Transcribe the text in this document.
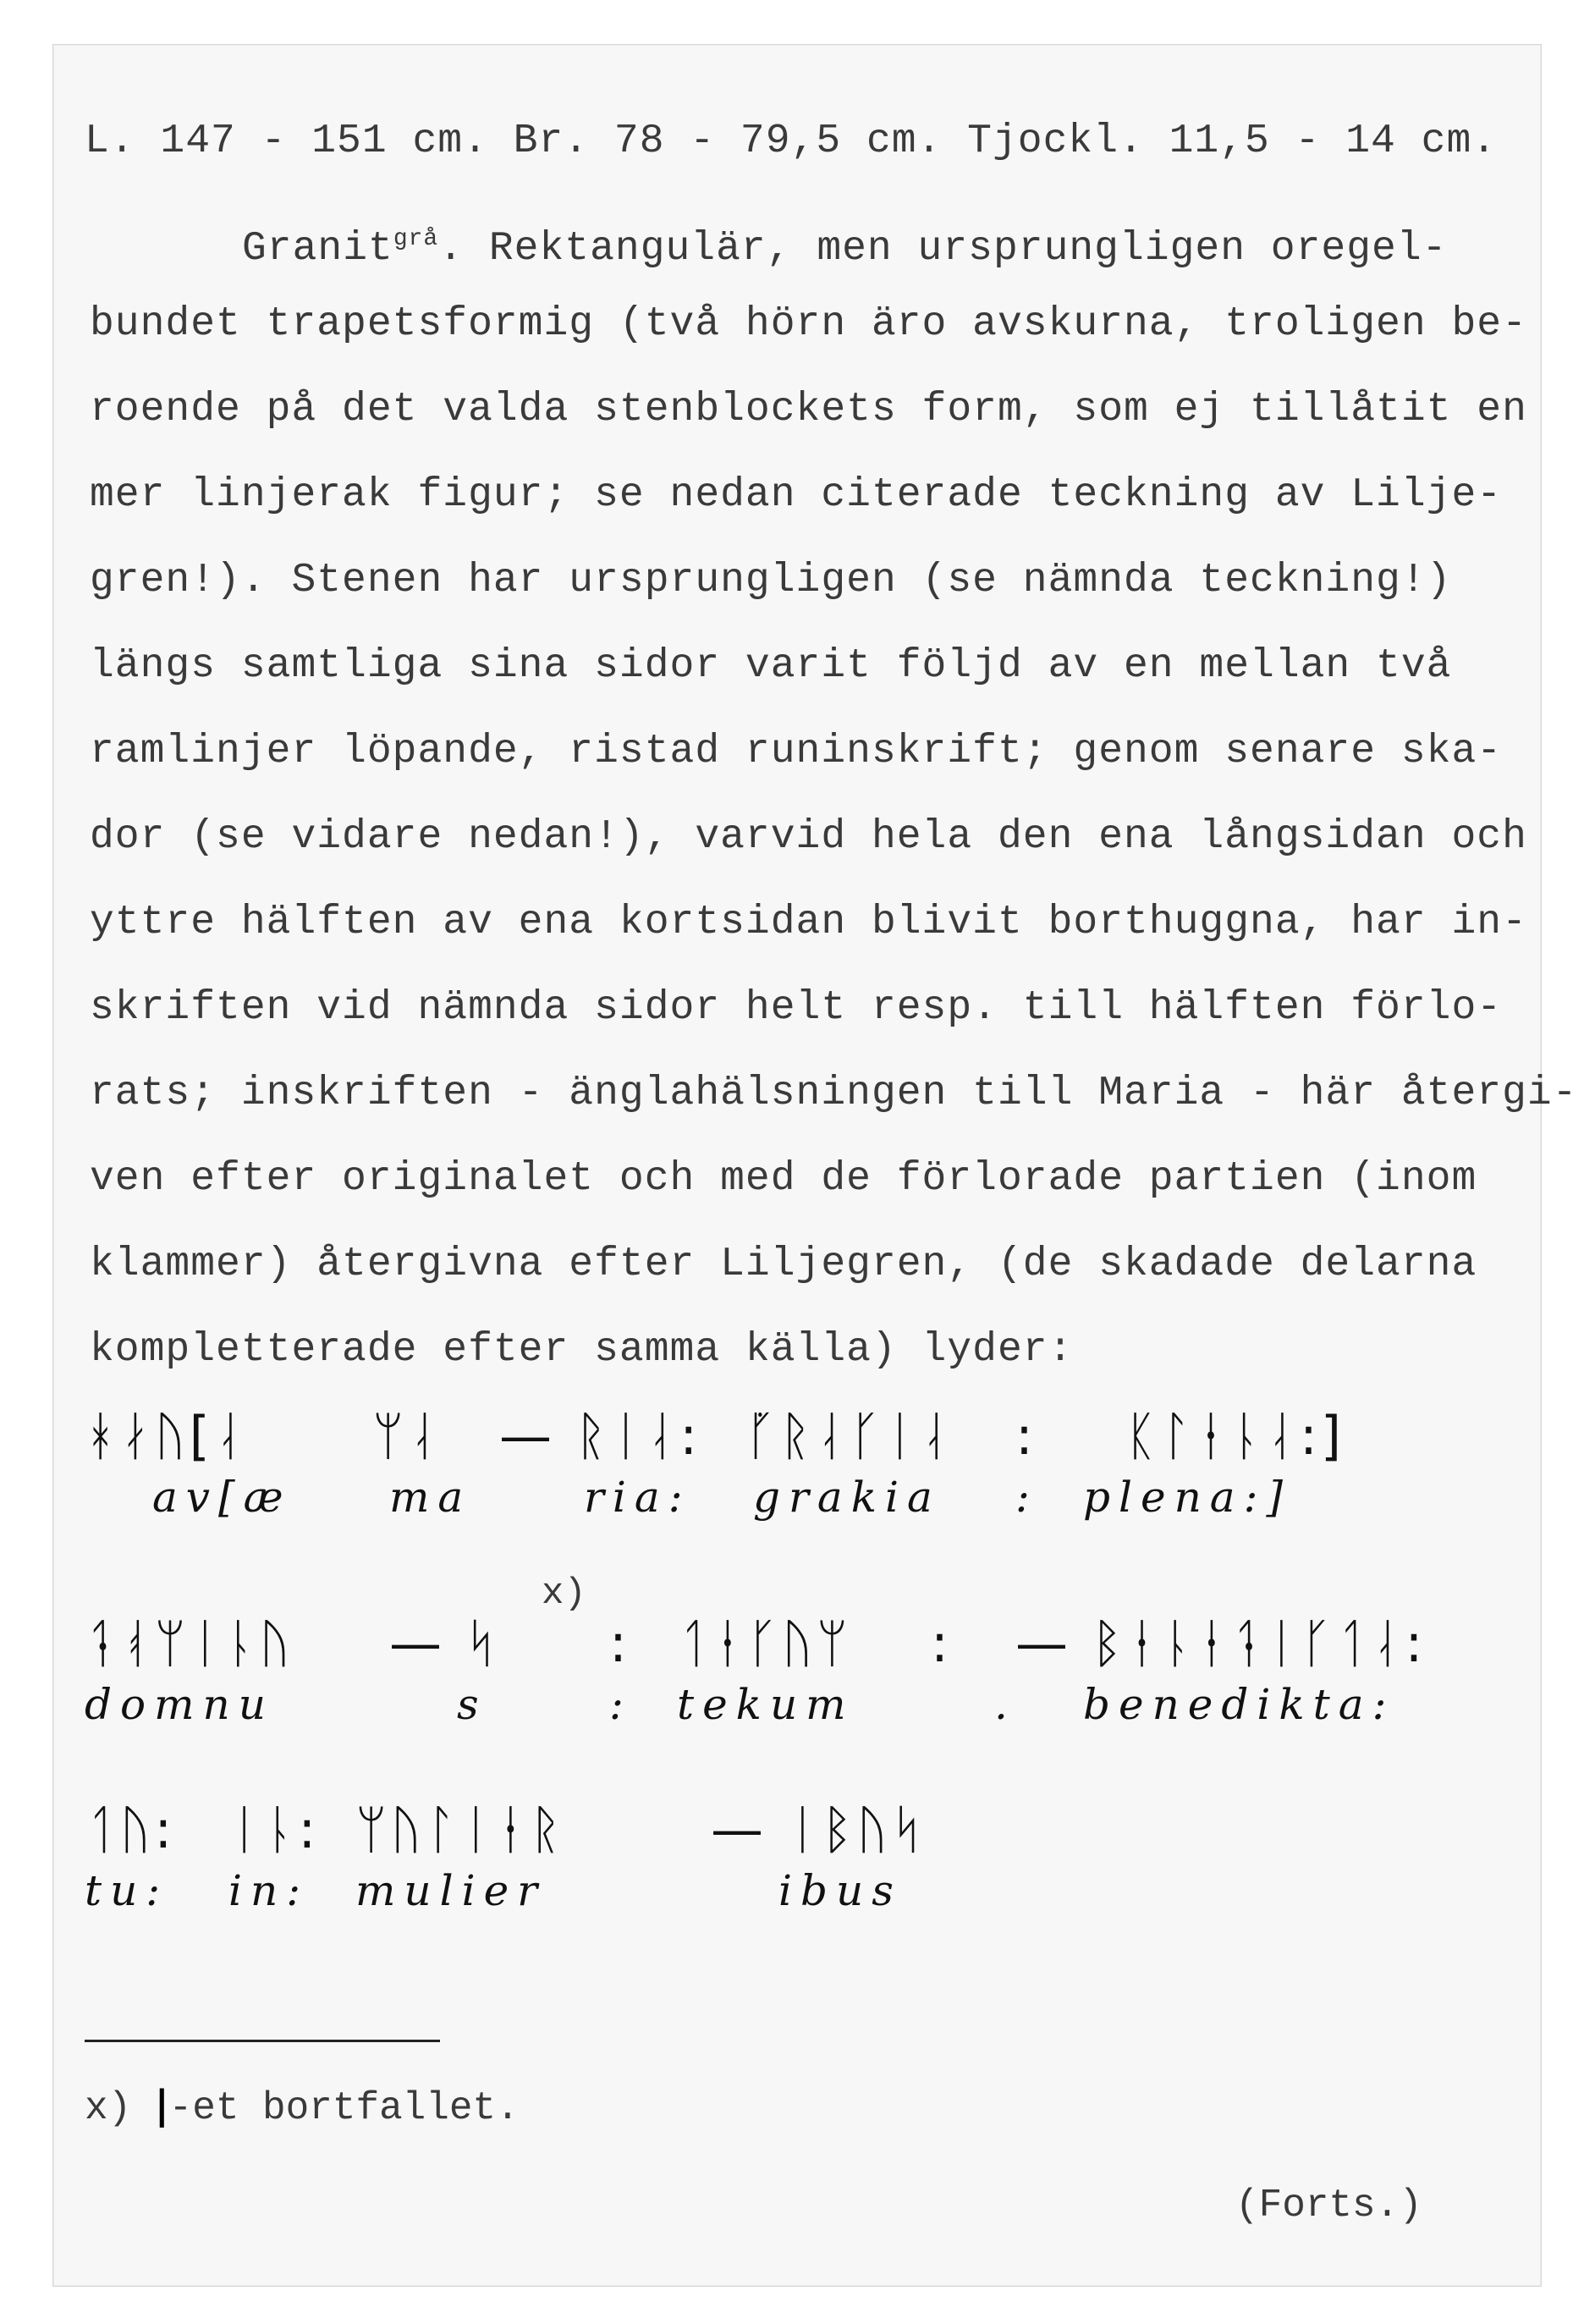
L. 147 - 151 cm. Br. 78 - 79,5 cm. Tjockl. 11,5 - 14 cm.
Granit$^{grå}$. Rektangulär, men ursprungligen oregel-
bundet trapetsformig (två hörn äro avskurna, troligen be-
roende på det valda stenblockets form, som ej tillåtit en
mer linjerak figur; se nedan citerade teckning av Lilje-
gren!). Stenen har ursprungligen (se nämnda teckning!)
längs samtliga sina sidor varit följd av en mellan två
ramlinjer löpande, ristad runinskrift; genom senare ska-
dor (se vidare nedan!), varvid hela den ena långsidan och
yttre hälften av ena kortsidan blivit borthuggna, har in-
skriften vid nämnda sidor helt resp. till hälften förlo-
rats; inskriften - änglahälsningen till Maria - här återgi-
ven efter originalet och med de förlorade partien (inom
klammer) återgivna efter Liljegren, (de skadade delarna
kompletterade efter samma källa) lyder:
ᚼᛅᚢ[ᛆ ᛘᛆ — ᚱᛁᛆ: ᚵᚱᛆᚴᛁᛆ : ᛕᛚᛂᚿᛆ:]
av[æ ma	ria: grakia : plena:]
x)
ᛑᚮᛘᛁᚿᚢ — ᛋ : ᛐᛂᚴᚢᛘ : — ᛒᛂᚿᛂᛑᛁᚴᛐᛆ:
domnu	s	: tekum	. benedikta:
ᛐᚢ: ᛁᚿ: ᛘᚢᛚᛁᛂᚱ	— ᛁᛒᚢᛋ
tu: in: mulier	ibus
x) |-et bortfallet.
(Forts.)
